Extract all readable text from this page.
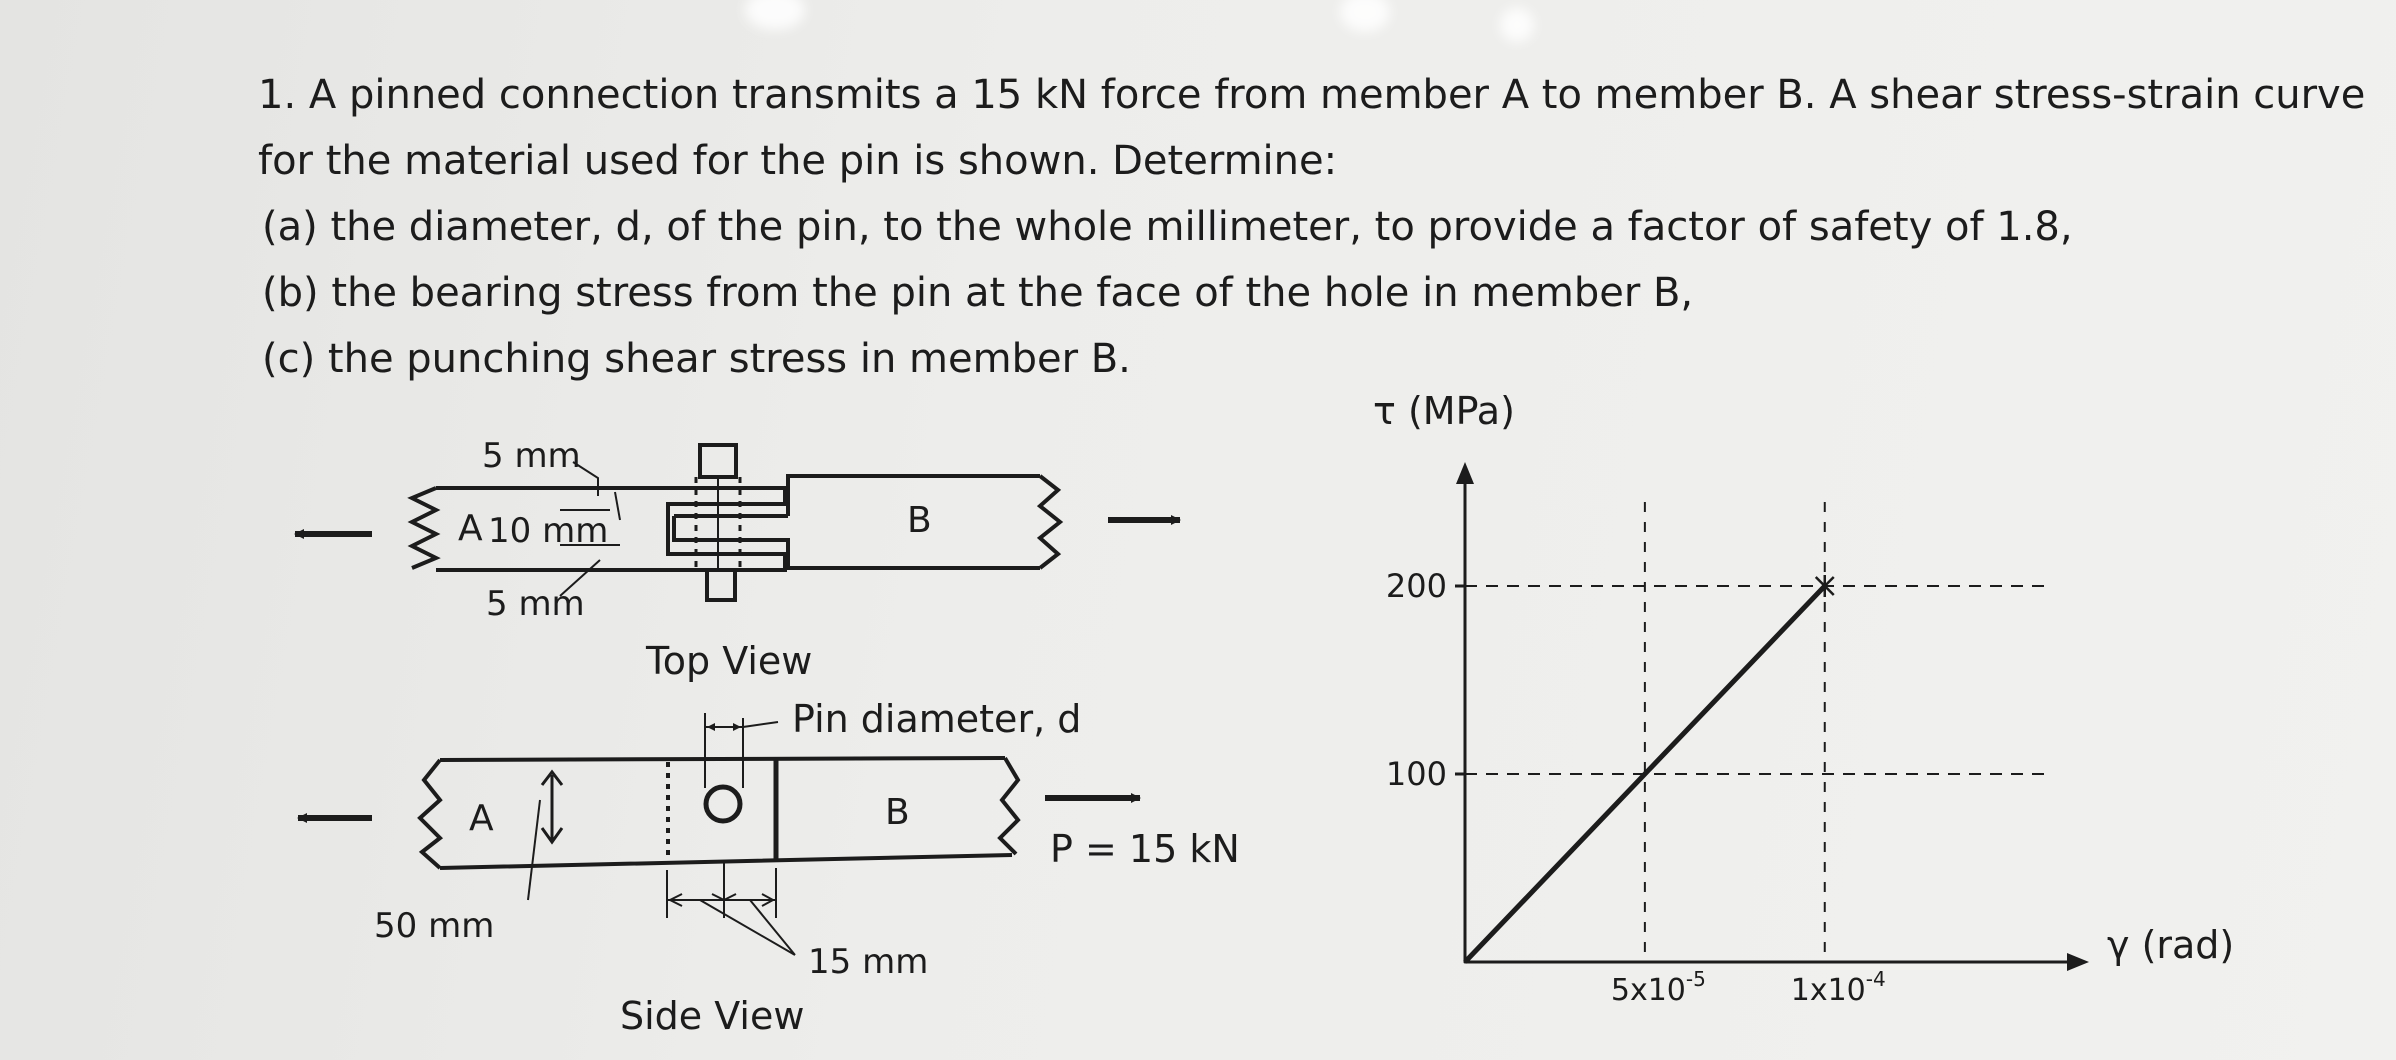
1. A pinned connection transmits a 15 kN force from member A to member B. A shear stress-strain curve

for the material used for the pin is shown. Determine:

(a) the diameter, d, of the pin, to the whole millimeter, to provide a factor of safety of 1.8,

(b) the bearing stress from the pin at the face of the hole in member B,

(c) the punching shear stress in member B.

5 mm
A 10 mm
5 mm
B
Top View
Pin diameter, d
A	B
P = 15 kN
50 mm
15 mm
Side View
100
200
$5x10^{-5}$	$1x10^{-4}$
τ (MPa)
γ (rad)
